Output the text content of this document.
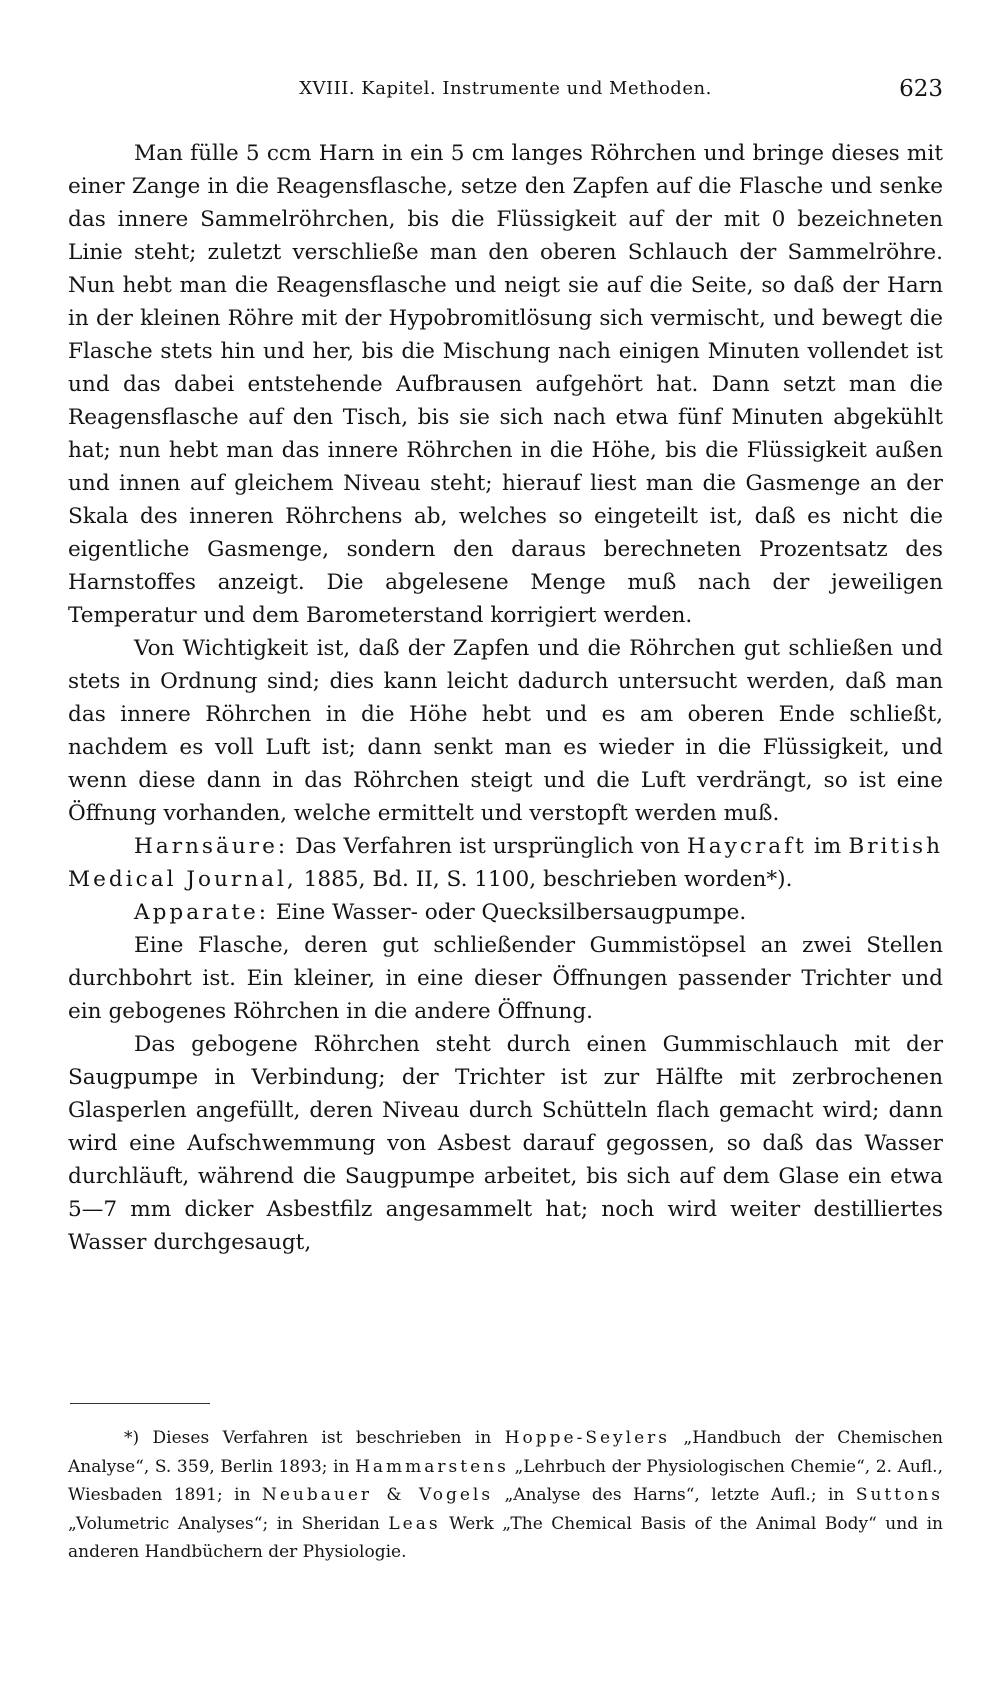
XVIII. Kapitel. Instrumente und Methoden.	623

Man fülle 5 ccm Harn in ein 5 cm langes Röhrchen und bringe dieses mit einer Zange in die Reagensflasche, setze den Zapfen auf die Flasche und senke das innere Sammelröhrchen, bis die Flüssigkeit auf der mit 0 bezeichneten Linie steht; zuletzt verschließe man den oberen Schlauch der Sammelröhre. Nun hebt man die Reagensflasche und neigt sie auf die Seite, so daß der Harn in der kleinen Röhre mit der Hypobromitlösung sich vermischt, und bewegt die Flasche stets hin und her, bis die Mischung nach einigen Minuten vollendet ist und das dabei entstehende Aufbrausen aufgehört hat. Dann setzt man die Reagensflasche auf den Tisch, bis sie sich nach etwa fünf Minuten abgekühlt hat; nun hebt man das innere Röhrchen in die Höhe, bis die Flüssigkeit außen und innen auf gleichem Niveau steht; hierauf liest man die Gasmenge an der Skala des inneren Röhrchens ab, welches so eingeteilt ist, daß es nicht die eigentliche Gasmenge, sondern den daraus berechneten Prozentsatz des Harnstoffes anzeigt. Die abgelesene Menge muß nach der jeweiligen Temperatur und dem Barometerstand korrigiert werden.

Von Wichtigkeit ist, daß der Zapfen und die Röhrchen gut schließen und stets in Ordnung sind; dies kann leicht dadurch untersucht werden, daß man das innere Röhrchen in die Höhe hebt und es am oberen Ende schließt, nachdem es voll Luft ist; dann senkt man es wieder in die Flüssigkeit, und wenn diese dann in das Röhrchen steigt und die Luft verdrängt, so ist eine Öffnung vorhanden, welche ermittelt und verstopft werden muß.

Harnsäure: Das Verfahren ist ursprünglich von Haycraft im British Medical Journal, 1885, Bd. II, S. 1100, beschrieben worden*).

Apparate: Eine Wasser- oder Quecksilbersaugpumpe.

Eine Flasche, deren gut schließender Gummistöpsel an zwei Stellen durchbohrt ist. Ein kleiner, in eine dieser Öffnungen passender Trichter und ein gebogenes Röhrchen in die andere Öffnung.

Das gebogene Röhrchen steht durch einen Gummischlauch mit der Saugpumpe in Verbindung; der Trichter ist zur Hälfte mit zerbrochenen Glasperlen angefüllt, deren Niveau durch Schütteln flach gemacht wird; dann wird eine Aufschwemmung von Asbest darauf gegossen, so daß das Wasser durchläuft, während die Saugpumpe arbeitet, bis sich auf dem Glase ein etwa 5—7 mm dicker Asbestfilz angesammelt hat; noch wird weiter destilliertes Wasser durchgesaugt,

*) Dieses Verfahren ist beschrieben in Hoppe-Seylers „Handbuch der Chemischen Analyse“, S. 359, Berlin 1893; in Hammarstens „Lehrbuch der Physiologischen Chemie“, 2. Aufl., Wiesbaden 1891; in Neubauer & Vogels „Analyse des Harns“, letzte Aufl.; in Suttons „Volumetric Analyses“; in Sheridan Leas Werk „The Chemical Basis of the Animal Body“ und in anderen Handbüchern der Physiologie.
